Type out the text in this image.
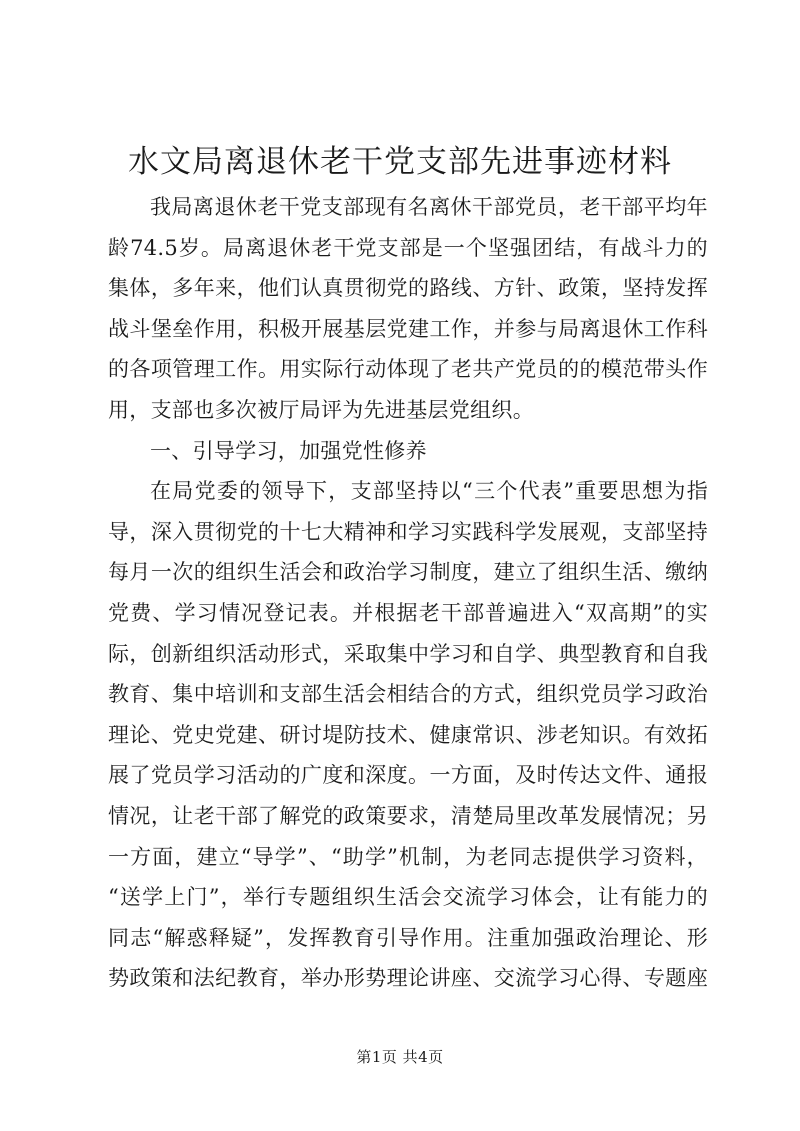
水文局离退休老干党支部先进事迹材料
我局离退休老干党支部现有名离休干部党员，老干部平均年
龄74.5岁。局离退休老干党支部是一个坚强团结，有战斗力的
集体，多年来，他们认真贯彻党的路线、方针、政策，坚持发挥
战斗堡垒作用，积极开展基层党建工作，并参与局离退休工作科
的各项管理工作。用实际行动体现了老共产党员的的模范带头作
用，支部也多次被厅局评为先进基层党组织。
一、引导学习，加强党性修养
在局党委的领导下，支部坚持以“三个代表”重要思想为指
导，深入贯彻党的十七大精神和学习实践科学发展观，支部坚持
每月一次的组织生活会和政治学习制度，建立了组织生活、缴纳
党费、学习情况登记表。并根据老干部普遍进入“双高期”的实
际，创新组织活动形式，采取集中学习和自学、典型教育和自我
教育、集中培训和支部生活会相结合的方式，组织党员学习政治
理论、党史党建、研讨堤防技术、健康常识、涉老知识。有效拓
展了党员学习活动的广度和深度。一方面，及时传达文件、通报
情况，让老干部了解党的政策要求，清楚局里改革发展情况；另
一方面，建立“导学”、“助学”机制，为老同志提供学习资料，
“送学上门”，举行专题组织生活会交流学习体会，让有能力的
同志“解惑释疑”，发挥教育引导作用。注重加强政治理论、形
势政策和法纪教育，举办形势理论讲座、交流学习心得、专题座
第1页 共4页
